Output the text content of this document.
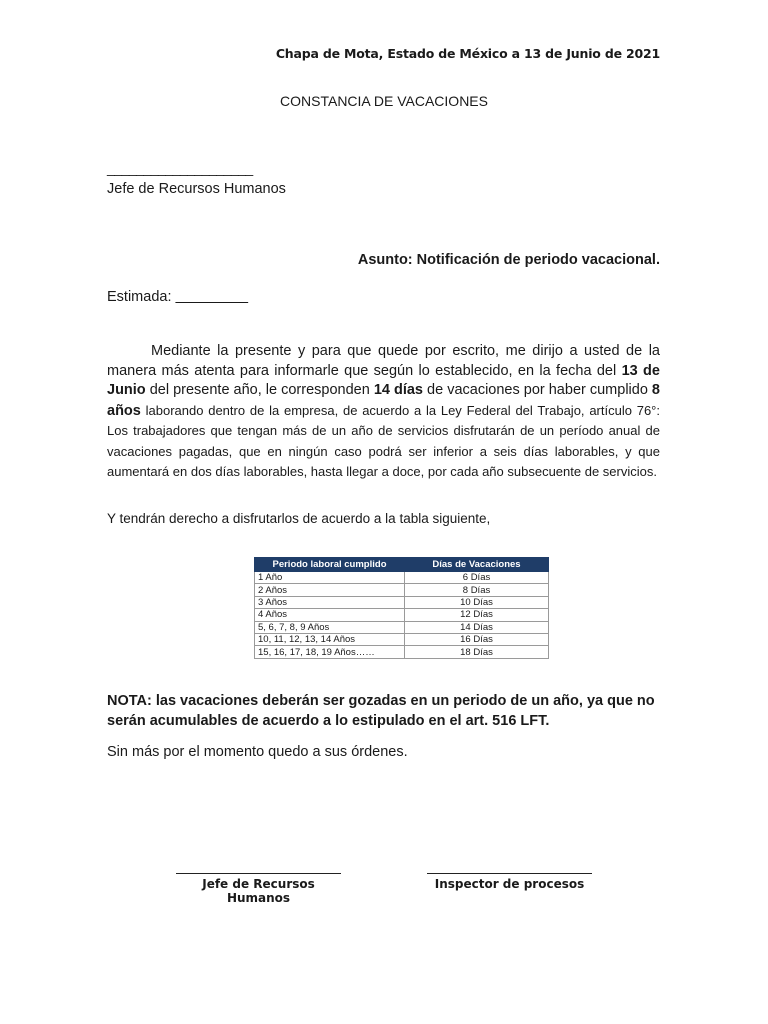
Chapa de Mota, Estado de México a 13 de Junio de 2021
CONSTANCIA DE VACACIONES
____________________
Jefe de Recursos Humanos
Asunto: Notificación de periodo vacacional.
Estimada: _________
Mediante la presente y para que quede por escrito, me dirijo a usted de la manera más atenta para informarle que según lo establecido, en la fecha del 13 de Junio del presente año, le corresponden 14 días de vacaciones por haber cumplido 8 años laborando dentro de la empresa, de acuerdo a la Ley Federal del Trabajo, artículo 76°: Los trabajadores que tengan más de un año de servicios disfrutarán de un período anual de vacaciones pagadas, que en ningún caso podrá ser inferior a seis días laborables, y que aumentará en dos días laborables, hasta llegar a doce, por cada año subsecuente de servicios.
Y tendrán derecho a disfrutarlos de acuerdo a la tabla siguiente,
Periodo laboral cumplido	Días de Vacaciones
1 Año	6 Días
2 Años	8 Días
3 Años	10 Días
4 Años	12 Días
5, 6, 7, 8, 9 Años	14 Días
10, 11, 12, 13, 14 Años	16 Días
15, 16, 17, 18, 19 Años……	18 Días
NOTA: las vacaciones deberán ser gozadas en un periodo de un año, ya que no serán acumulables de acuerdo a lo estipulado en el art. 516 LFT.
Sin más por el momento quedo a sus órdenes.
Jefe de Recursos Humanos
Inspector de procesos
